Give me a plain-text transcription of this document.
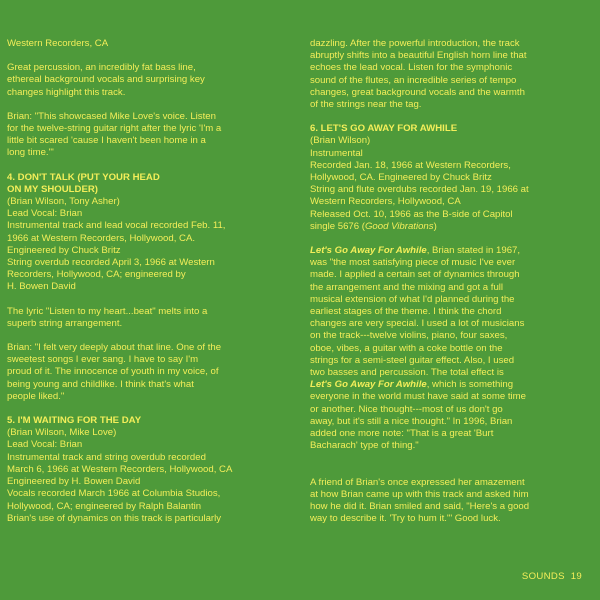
Western Recorders, CA

Great percussion, an incredibly fat bass line,
ethereal background vocals and surprising key
changes highlight this track.

Brian: "This showcased Mike Love's voice. Listen
for the twelve-string guitar right after the lyric 'I'm a
little bit scared 'cause I haven't been home in a
long time.'"

4. DON'T TALK (PUT YOUR HEAD
ON MY SHOULDER)

(Brian Wilson, Tony Asher)
Lead Vocal: Brian
Instrumental track and lead vocal recorded Feb. 11,
1966 at Western Recorders, Hollywood, CA.
Engineered by Chuck Britz
String overdub recorded April 3, 1966 at Western
Recorders, Hollywood, CA; engineered by
H. Bowen David

The lyric "Listen to my heart...beat" melts into a
superb string arrangement.

Brian: "I felt very deeply about that line. One of the
sweetest songs I ever sang. I have to say I'm
proud of it. The innocence of youth in my voice, of
being young and childlike. I think that's what
people liked."

5. I'M WAITING FOR THE DAY

(Brian Wilson, Mike Love)
Lead Vocal: Brian
Instrumental track and string overdub recorded
March 6, 1966 at Western Recorders, Hollywood, CA
Engineered by H. Bowen David
Vocals recorded March 1966 at Columbia Studios,
Hollywood, CA; engineered by Ralph Balantin
Brian's use of dynamics on this track is particularly

dazzling. After the powerful introduction, the track
abruptly shifts into a beautiful English horn line that
echoes the lead vocal. Listen for the symphonic
sound of the flutes, an incredible series of tempo
changes, great background vocals and the warmth
of the strings near the tag.

6. LET'S GO AWAY FOR AWHILE

(Brian Wilson)
Instrumental
Recorded Jan. 18, 1966 at Western Recorders,
Hollywood, CA. Engineered by Chuck Britz
String and flute overdubs recorded Jan. 19, 1966 at
Western Recorders, Hollywood, CA
Released Oct. 10, 1966 as the B-side of Capitol
single 5676 (Good Vibrations)

Let's Go Away For Awhile, Brian stated in 1967,
was "the most satisfying piece of music I've ever
made. I applied a certain set of dynamics through
the arrangement and the mixing and got a full
musical extension of what I'd planned during the
earliest stages of the theme. I think the chord
changes are very special. I used a lot of musicians
on the track---twelve violins, piano, four saxes,
oboe, vibes, a guitar with a coke bottle on the
strings for a semi-steel guitar effect. Also, I used
two basses and percussion. The total effect is
Let's Go Away For Awhile, which is something
everyone in the world must have said at some time
or another. Nice thought---most of us don't go
away, but it's still a nice thought." In 1996, Brian
added one more note: "That is a great 'Burt
Bacharach' type of thing."

A friend of Brian's once expressed her amazement
at how Brian came up with this track and asked him
how he did it. Brian smiled and said, "Here's a good
way to describe it. 'Try to hum it.'" Good luck.

SOUNDS 19
